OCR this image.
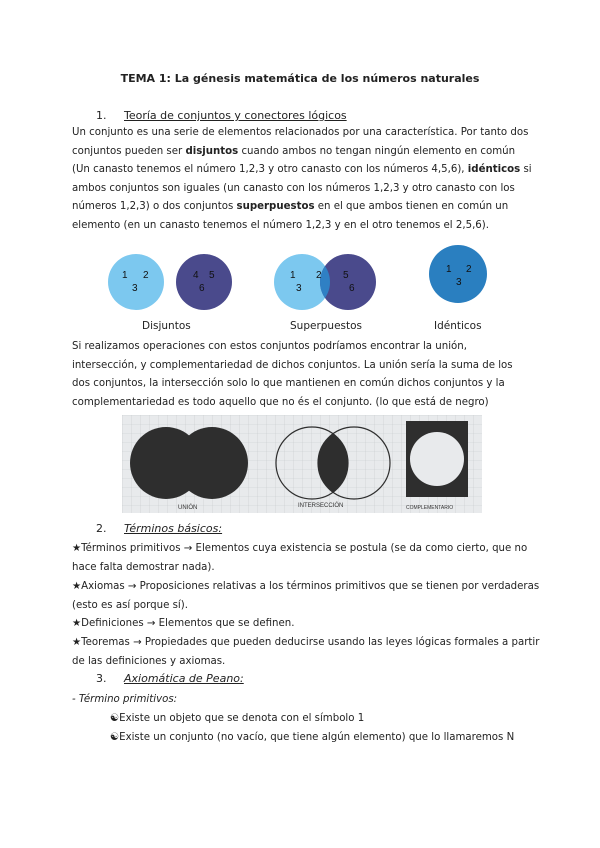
TEMA 1: La génesis matemática de los números naturales
1. Teoría de conjuntos y conectores lógicos
Un conjunto es una serie de elementos relacionados por una característica. Por tanto dos conjuntos pueden ser disjuntos cuando ambos no tengan ningún elemento en común (Un canasto tenemos el número 1,2,3 y otro canasto con los números 4,5,6), idénticos si ambos conjuntos son iguales (un canasto con los números 1,2,3 y otro canasto con los números 1,2,3) o dos conjuntos superpuestos en el que ambos tienen en común un elemento (en un canasto tenemos el número 1,2,3 y en el otro tenemos el 2,5,6).
1 2
3
4 5
6
1
3
2 5
6
1 2
3
Disjuntos	Superpuestos	Idénticos
Si realizamos operaciones con estos conjuntos podríamos encontrar la unión, intersección, y complementariedad de dichos conjuntos. La unión sería la suma de los dos conjuntos, la intersección solo lo que mantienen en común dichos conjuntos y la complementariedad es todo aquello que no és el conjunto. (lo que está de negro)
UNIÓN	INTERSECCIÓN	COMPLEMENTARIO
2. Términos básicos:
★Términos primitivos → Elementos cuya existencia se postula (se da como cierto, que no hace falta demostrar nada).
★Axiomas → Proposiciones relativas a los términos primitivos que se tienen por verdaderas (esto es así porque sí).
★Definiciones → Elementos que se definen.
★Teoremas → Propiedades que pueden deducirse usando las leyes lógicas formales a partir de las definiciones y axiomas.
3. Axiomática de Peano:
- Término primitivos:
☯Existe un objeto que se denota con el símbolo 1
☯Existe un conjunto (no vacío, que tiene algún elemento) que lo llamaremos N
